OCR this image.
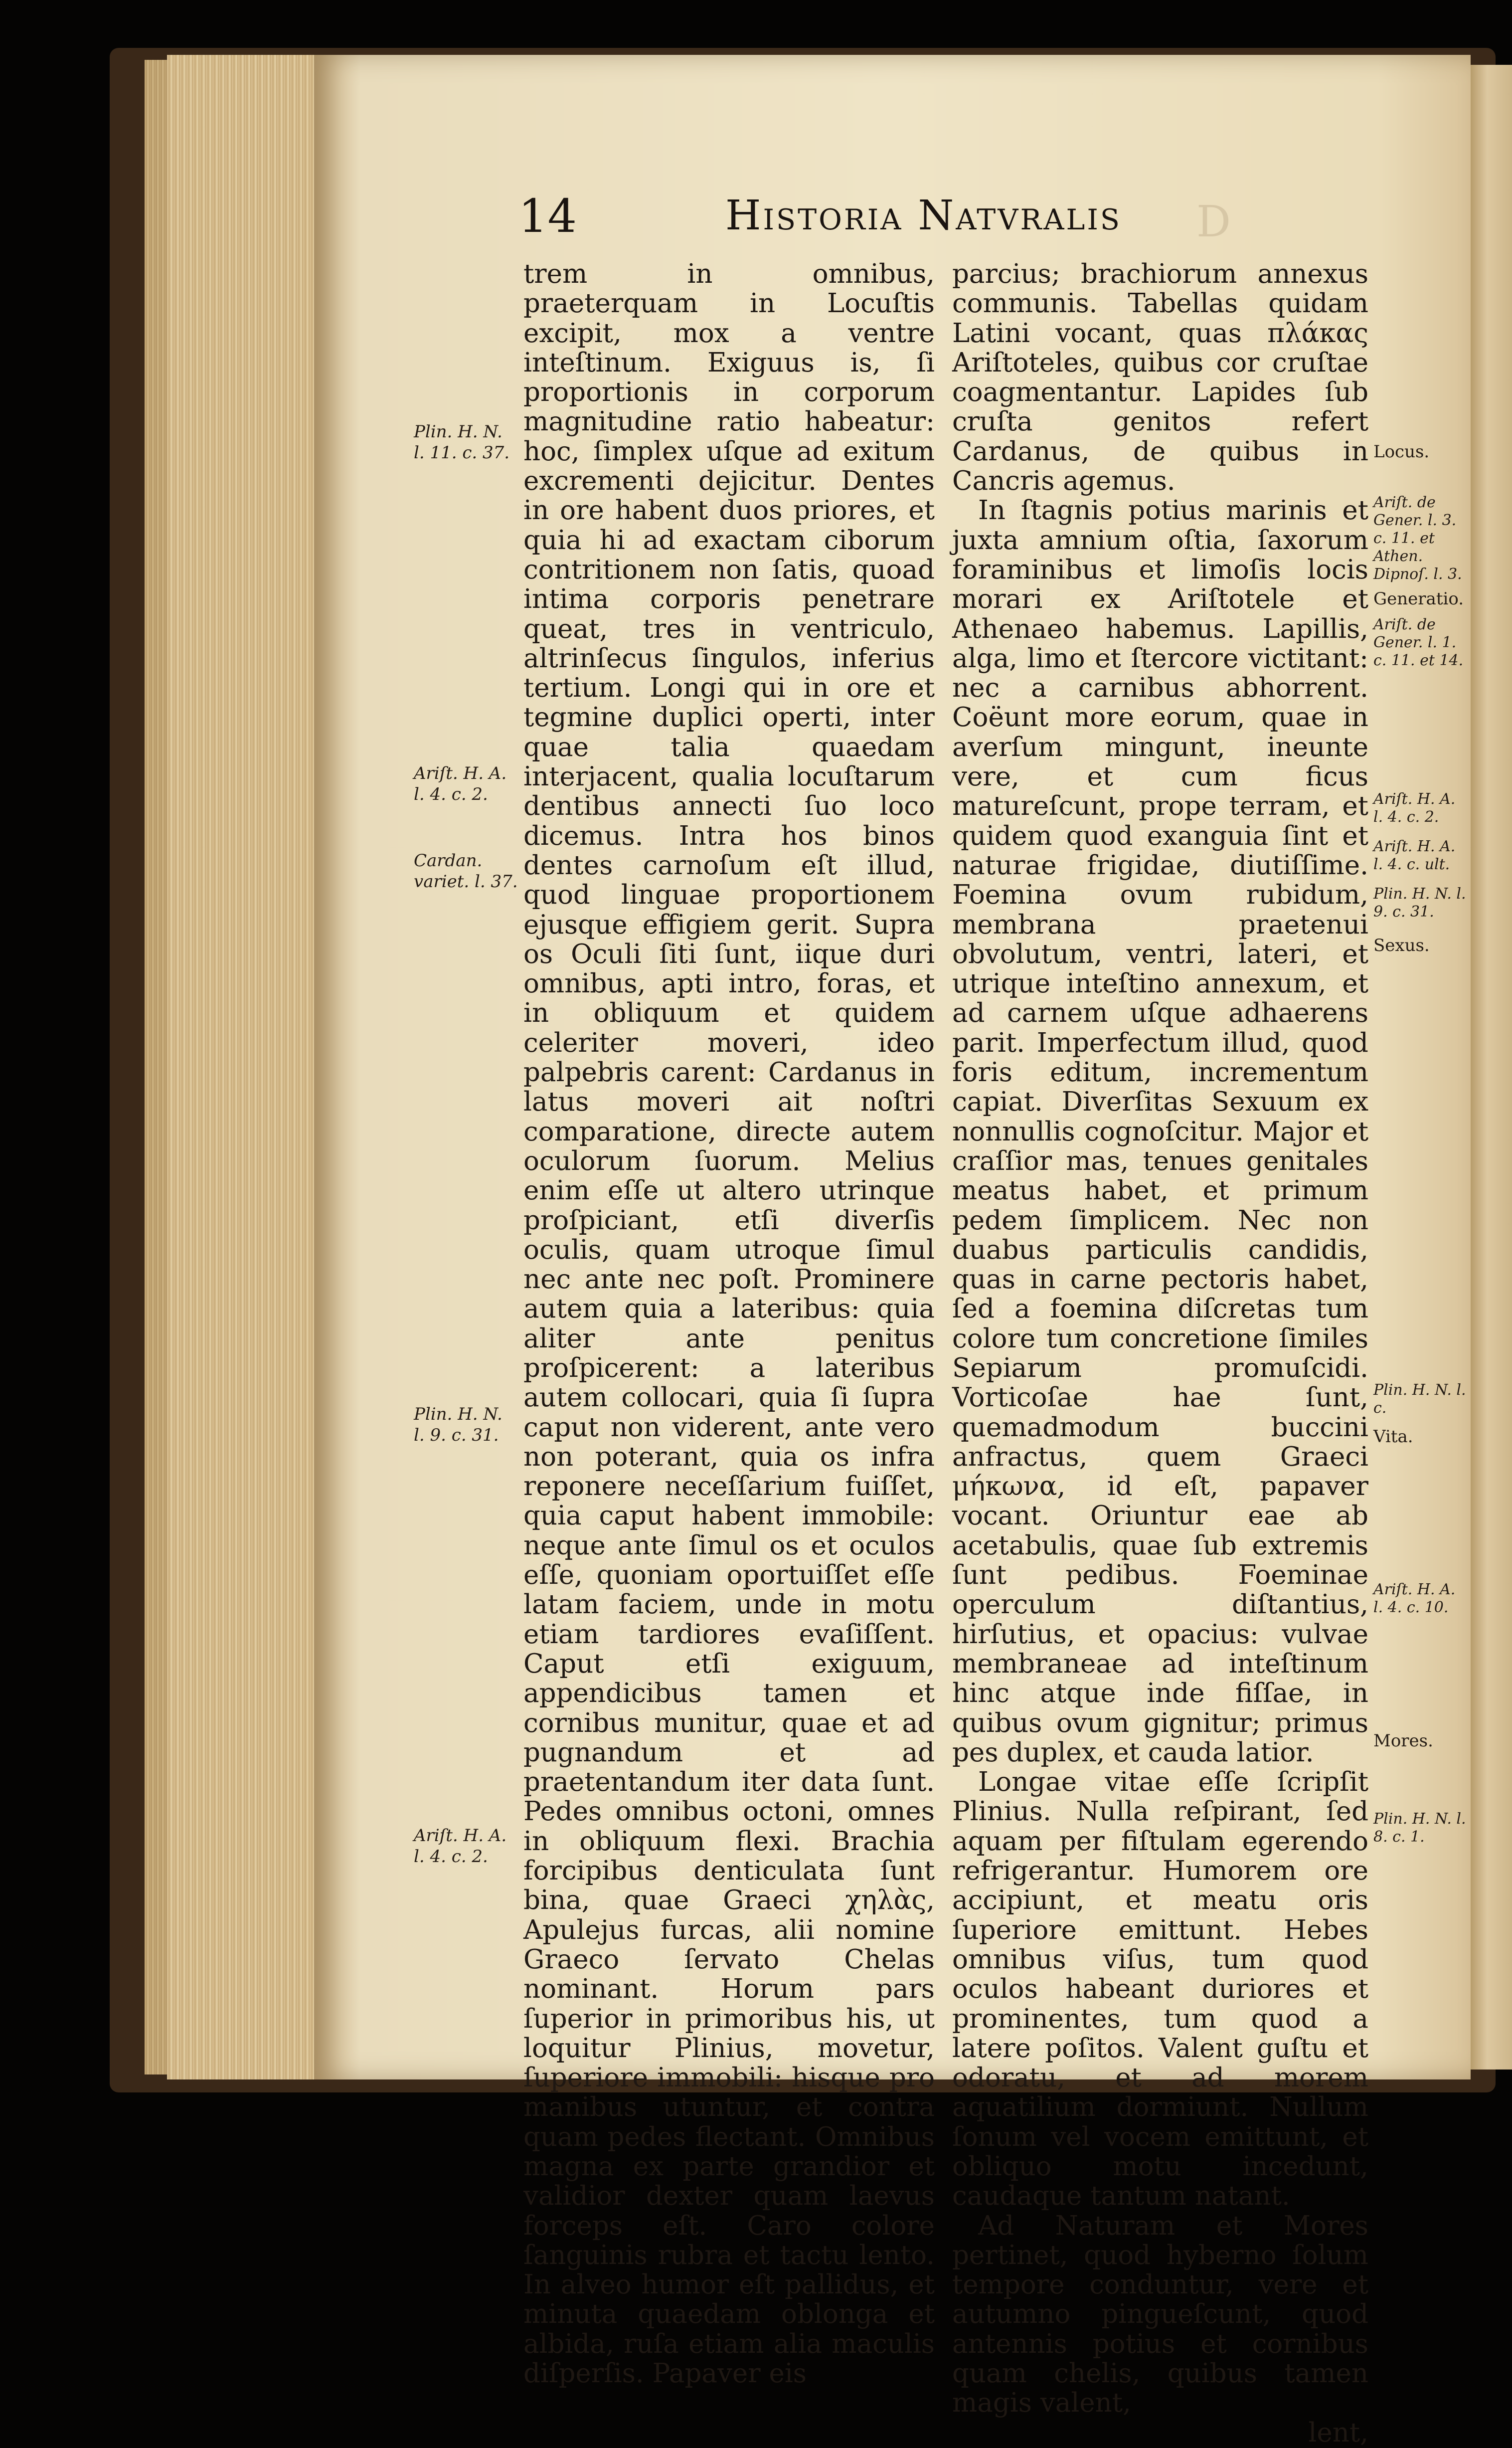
14	Historia Natvralis D

trem in omnibus, praeterquam in Locuſtis excipit, mox a ventre inteſtinum. Exiguus is, ſi proportionis in corporum magnitudine ratio habeatur: hoc, ſimplex uſque ad exitum excrementi dejicitur. Dentes in ore habent duos priores, et quia hi ad exactam ciborum contritionem non ſatis, quoad intima corporis penetrare queat, tres in ventriculo, altrinſecus ſingulos, inferius tertium. Longi qui in ore et tegmine duplici operti, inter quae talia quaedam interjacent, qualia locuſtarum dentibus annecti ſuo loco dicemus. Intra hos binos dentes carnoſum eſt illud, quod linguae proportionem ejusque effigiem gerit. Supra os Oculi ſiti ſunt, iique duri omnibus, apti intro, foras, et in obliquum et quidem celeriter moveri, ideo palpebris carent: Cardanus in latus moveri ait noſtri comparatione, directe autem oculorum ſuorum. Melius enim eſſe ut altero utrinque proſpiciant, etſi diverſis oculis, quam utroque ſimul nec ante nec poſt. Prominere autem quia a lateribus: quia aliter ante penitus proſpicerent: a lateribus autem collocari, quia ſi ſupra caput non viderent, ante vero non poterant, quia os infra reponere neceſſarium fuiſſet, quia caput habent immobile: neque ante ſimul os et oculos eſſe, quoniam oportuiſſet eſſe latam faciem, unde in motu etiam tardiores evaſiſſent. Caput etſi exiguum, appendicibus tamen et cornibus munitur, quae et ad pugnandum et ad praetentandum iter data ſunt. Pedes omnibus octoni, omnes in obliquum flexi. Brachia forcipibus denticulata ſunt bina, quae Graeci χηλὰς, Apulejus furcas, alii nomine Graeco ſervato Chelas nominant. Horum pars ſuperior in primoribus his, ut loquitur Plinius, movetur, ſuperiore immobili: hisque pro manibus utuntur, et contra quam pedes flectant. Omnibus magna ex parte grandior et validior dexter quam laevus forceps eſt. Caro colore ſanguinis rubra et tactu lento. In alveo humor eſt pallidus, et minuta quaedam oblonga et albida, ruſa etiam alia maculis diſperſis. Papaver eis

parcius; brachiorum annexus communis. Tabellas quidam Latini vocant, quas πλάκας Ariſtoteles, quibus cor cruſtae coagmentantur. Lapides ſub cruſta genitos refert Cardanus, de quibus in Cancris agemus.

In ſtagnis potius marinis et juxta amnium oſtia, ſaxorum foraminibus et limoſis locis morari ex Ariſtotele et Athenaeo habemus. Lapillis, alga, limo et ſtercore victitant: nec a carnibus abhorrent. Coëunt more eorum, quae in averſum mingunt, ineunte vere, et cum ficus matureſcunt, prope terram, et quidem quod exanguia ſint et naturae frigidae, diutiſſime. Foemina ovum rubidum, membrana praetenui obvolutum, ventri, lateri, et utrique inteſtino annexum, et ad carnem uſque adhaerens parit. Imperfectum illud, quod foris editum, incrementum capiat. Diverſitas Sexuum ex nonnullis cognoſcitur. Major et craſſior mas, tenues genitales meatus habet, et primum pedem ſimplicem. Nec non duabus particulis candidis, quas in carne pectoris habet, ſed a foemina diſcretas tum colore tum concretione ſimiles Sepiarum promuſcidi. Vorticoſae hae ſunt, quemadmodum buccini anfractus, quem Graeci μήκωνα, id eſt, papaver vocant. Oriuntur eae ab acetabulis, quae ſub extremis ſunt pedibus. Foeminae operculum diſtantius, hirſutius, et opacius: vulvae membraneae ad inteſtinum hinc atque inde fiſſae, in quibus ovum gignitur; primus pes duplex, et cauda latior.

Longae vitae eſſe ſcripſit Plinius. Nulla reſpirant, ſed aquam per fiſtulam egerendo refrigerantur. Humorem ore accipiunt, et meatu oris ſuperiore emittunt. Hebes omnibus viſus, tum quod oculos habeant duriores et prominentes, tum quod a latere poſitos. Valent guſtu et odoratu, et ad morem aquatilium dormiunt. Nullum ſonum vel vocem emittunt, et obliquo motu incedunt, caudaque tantum natant.

Ad Naturam et Mores pertinet, quod hyberno ſolum tempore conduntur, vere et autumno pingueſcunt, quod antennis potius et cornibus quam chelis, quibus tamen magis valent,

lent,

Plin. H. N.
l. 11. c. 37.
Ariſt. H. A.
l. 4. c. 2.
Cardan.
variet. l. 37.
Plin. H. N.
l. 9. c. 31.
Ariſt. H. A.
l. 4. c. 2.
Locus.
Ariſt. de Gener. l. 3. c. 11. et Athen. Dipnoſ. l. 3.
Generatio.
Ariſt. de Gener. l. 1. c. 11. et 14.
Ariſt. H. A. l. 4. c. 2.
Ariſt. H. A. l. 4. c. ult.
Plin. H. N. l. 9. c. 31.
Sexus.
Plin. H. N. l. c.
Vita.
Ariſt. H. A. l. 4. c. 10.
Mores.
Plin. H. N. l. 8. c. 1.
